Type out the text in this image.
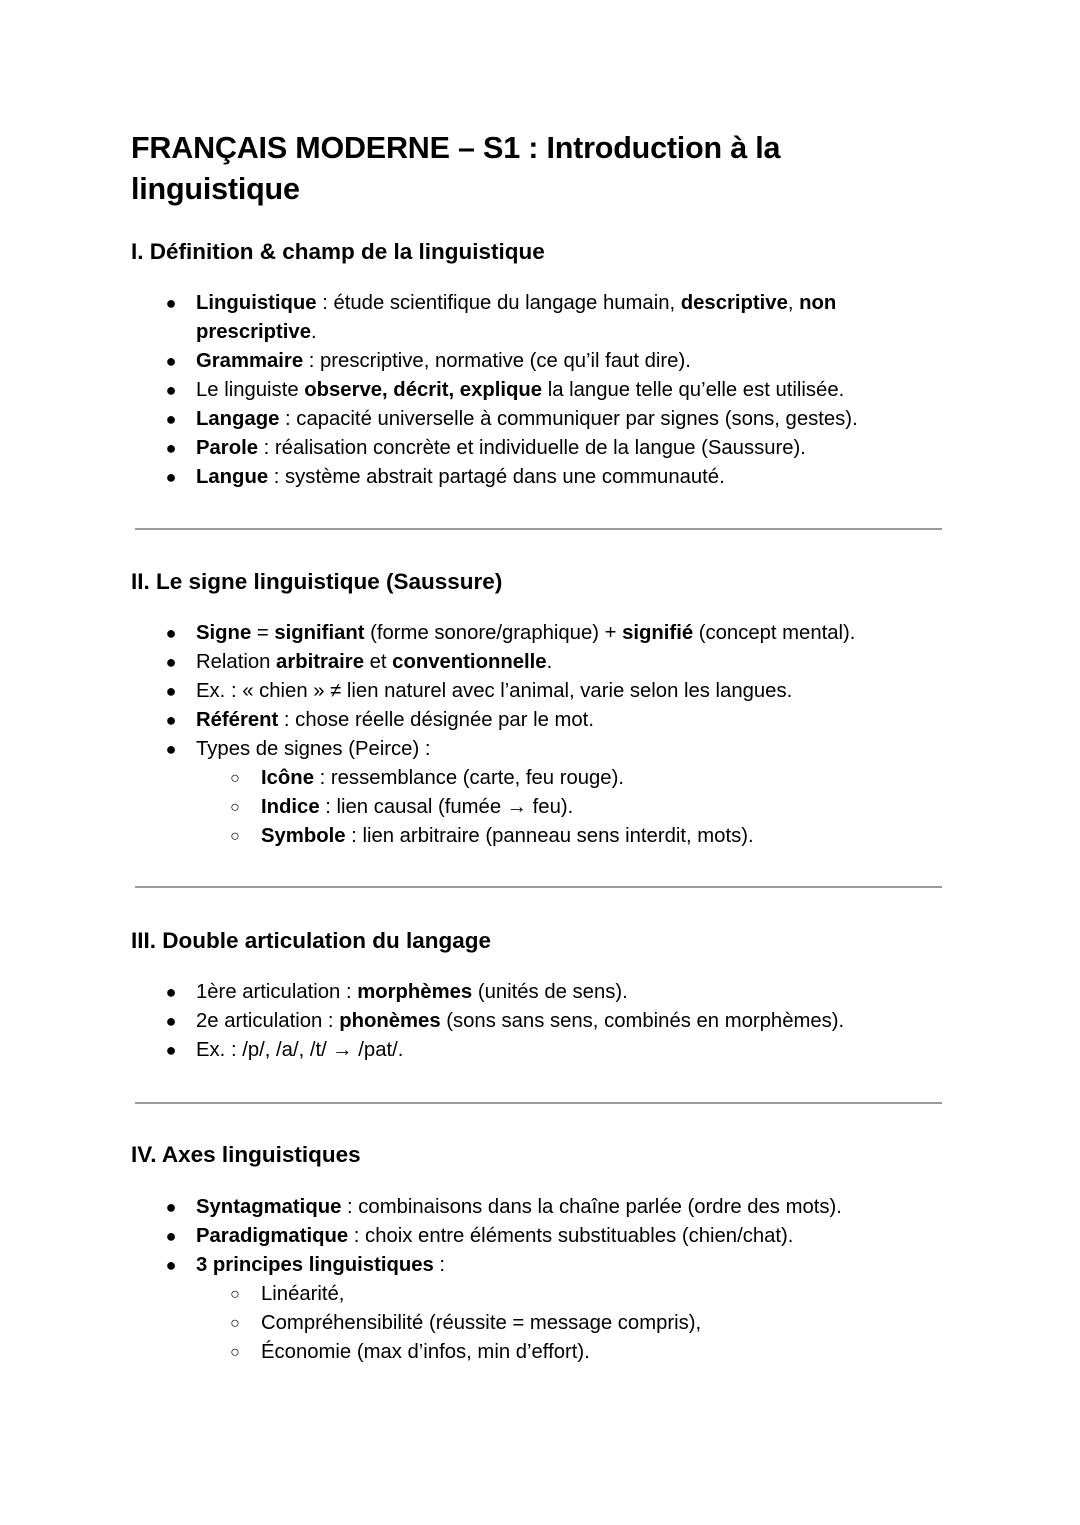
FRANÇAIS MODERNE – S1 : Introduction à la linguistique
I. Définition & champ de la linguistique
● Linguistique : étude scientifique du langage humain, descriptive, non prescriptive.
● Grammaire : prescriptive, normative (ce qu’il faut dire).
● Le linguiste observe, décrit, explique la langue telle qu’elle est utilisée.
● Langage : capacité universelle à communiquer par signes (sons, gestes).
● Parole : réalisation concrète et individuelle de la langue (Saussure).
● Langue : système abstrait partagé dans une communauté.
II. Le signe linguistique (Saussure)
● Signe = signifiant (forme sonore/graphique) + signifié (concept mental).
● Relation arbitraire et conventionnelle.
● Ex. : « chien » ≠ lien naturel avec l’animal, varie selon les langues.
● Référent : chose réelle désignée par le mot.
● Types de signes (Peirce) :
○ Icône : ressemblance (carte, feu rouge).
○ Indice : lien causal (fumée → feu).
○ Symbole : lien arbitraire (panneau sens interdit, mots).
III. Double articulation du langage
● 1ère articulation : morphèmes (unités de sens).
● 2e articulation : phonèmes (sons sans sens, combinés en morphèmes).
● Ex. : /p/, /a/, /t/ → /pat/.
IV. Axes linguistiques
● Syntagmatique : combinaisons dans la chaîne parlée (ordre des mots).
● Paradigmatique : choix entre éléments substituables (chien/chat).
● 3 principes linguistiques :
○ Linéarité,
○ Compréhensibilité (réussite = message compris),
○ Économie (max d’infos, min d’effort).
